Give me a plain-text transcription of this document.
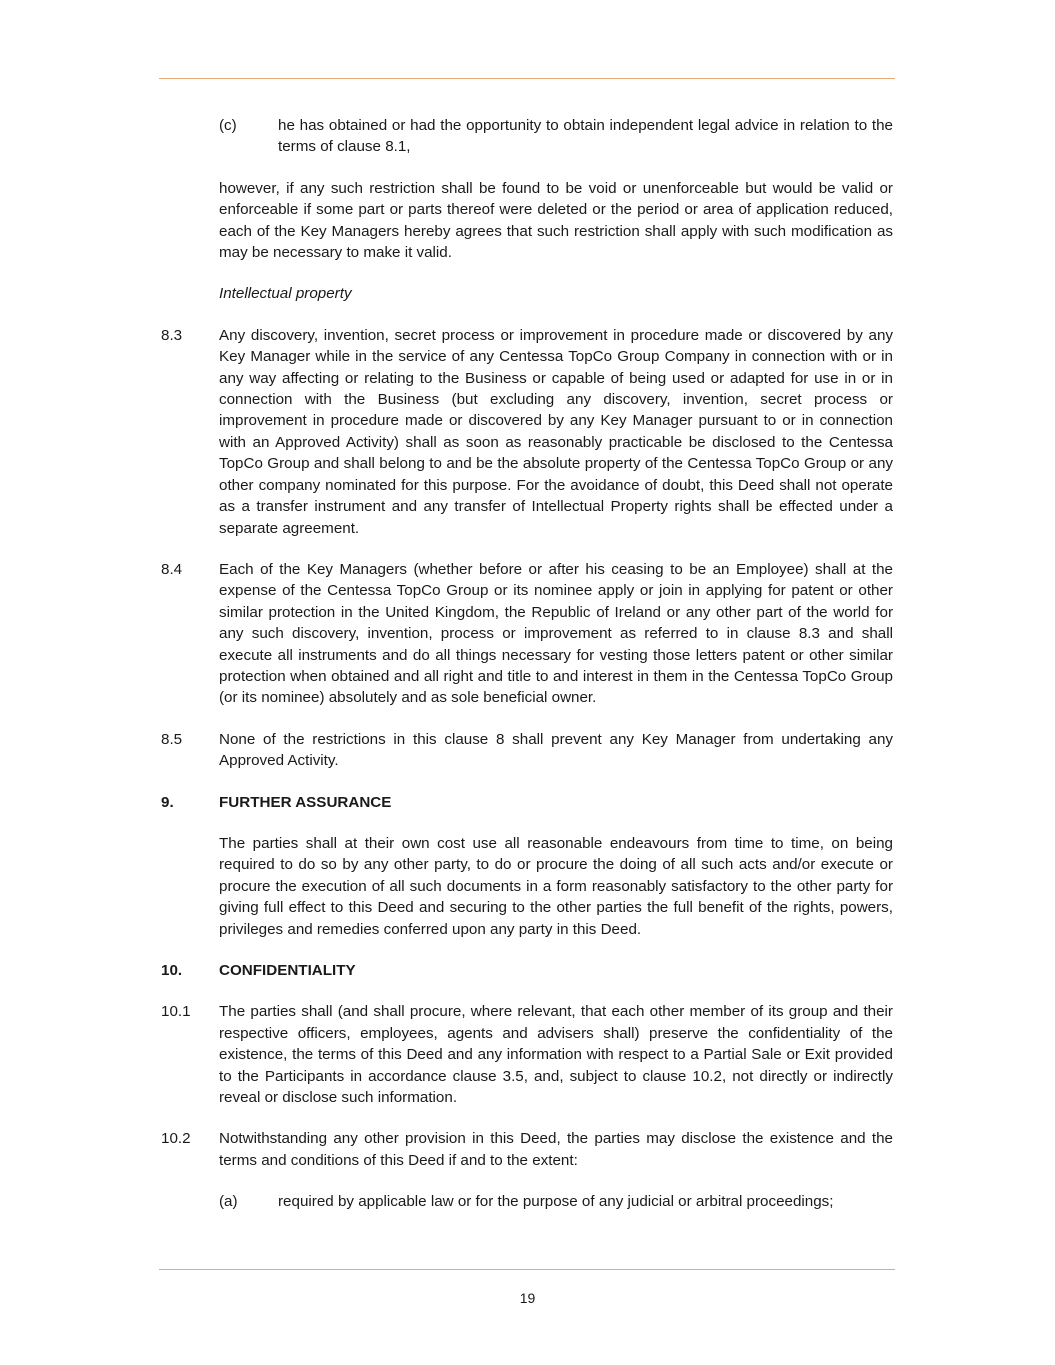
(c)	he has obtained or had the opportunity to obtain independent legal advice in relation to the terms of clause 8.1,

however, if any such restriction shall be found to be void or unenforceable but would be valid or enforceable if some part or parts thereof were deleted or the period or area of application reduced, each of the Key Managers hereby agrees that such restriction shall apply with such modification as may be necessary to make it valid.

Intellectual property

8.3 Any discovery, invention, secret process or improvement in procedure made or discovered by any Key Manager while in the service of any Centessa TopCo Group Company in connection with or in any way affecting or relating to the Business or capable of being used or adapted for use in or in connection with the Business (but excluding any discovery, invention, secret process or improvement in procedure made or discovered by any Key Manager pursuant to or in connection with an Approved Activity) shall as soon as reasonably practicable be disclosed to the Centessa TopCo Group and shall belong to and be the absolute property of the Centessa TopCo Group or any other company nominated for this purpose. For the avoidance of doubt, this Deed shall not operate as a transfer instrument and any transfer of Intellectual Property rights shall be effected under a separate agreement.
8.4 Each of the Key Managers (whether before or after his ceasing to be an Employee) shall at the expense of the Centessa TopCo Group or its nominee apply or join in applying for patent or other similar protection in the United Kingdom, the Republic of Ireland or any other part of the world for any such discovery, invention, process or improvement as referred to in clause 8.3 and shall execute all instruments and do all things necessary for vesting those letters patent or other similar protection when obtained and all right and title to and interest in them in the Centessa TopCo Group (or its nominee) absolutely and as sole beneficial owner.
8.5 None of the restrictions in this clause 8 shall prevent any Key Manager from undertaking any Approved Activity.
9.	FURTHER ASSURANCE

The parties shall at their own cost use all reasonable endeavours from time to time, on being required to do so by any other party, to do or procure the doing of all such acts and/or execute or procure the execution of all such documents in a form reasonably satisfactory to the other party for giving full effect to this Deed and securing to the other parties the full benefit of the rights, powers, privileges and remedies conferred upon any party in this Deed.

10. CONFIDENTIALITY
10.1 The parties shall (and shall procure, where relevant, that each other member of its group and their respective officers, employees, agents and advisers shall) preserve the confidentiality of the existence, the terms of this Deed and any information with respect to a Partial Sale or Exit provided to the Participants in accordance clause 3.5, and, subject to clause 10.2, not directly or indirectly reveal or disclose such information.
10.2 Notwithstanding any other provision in this Deed, the parties may disclose the existence and the terms and conditions of this Deed if and to the extent:
(a)	required by applicable law or for the purpose of any judicial or arbitral proceedings;
19
